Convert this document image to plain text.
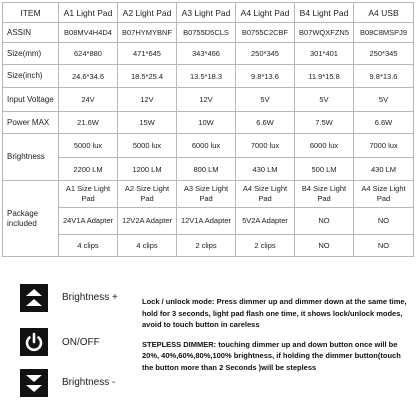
ITEM	A1 Light Pad	A2 Light Pad	A3 Light Pad	A4 Light Pad	B4 Light Pad	A4 USB
ASSIN	B08MV4H4D4	B07HYMYBNF	B0755D5CLS	B0755C2CBF	B07WQXFZN5	B08C8MSPJ9
Size(mm)	624*880	471*645	343*466	250*345	301*401	250*345
Size(inch)	24.6*34.6	18.5*25.4	13.5*18.3	9.8*13.6	11.9*15.8	9.8*13.6
Input Voltage	24V	12V	12V	5V	5V	5V
Power MAX	21.6W	15W	10W	6.6W	7.5W	6.6W
Brightness	5000 lux	5000 lux	6000 lux	7000 lux	6000 lux	7000 lux
	2200 LM	1200 LM	800 LM	430 LM	500 LM	430 LM
Package included	A1 Size Light Pad	A2 Size Light Pad	A3 Size Light Pad	A4 Size Light Pad	B4 Size Light Pad	A4 Size Light Pad
	24V1A Adapter	12V2A Adapter	12V1A Adapter	5V2A Adapter	NO	NO
	4 clips	4 clips	2 clips	2 clips	NO	NO
Brightness +
ON/OFF
Brightness -

Lock / unlock mode: Press dimmer up and dimmer down at the same time, hold for 3 seconds, light pad flash one time, it shows lock/unlock modes, avoid to touch button in careless

STEPLESS DIMMER: touching dimmer up and down button once will be 20%, 40%,60%,80%,100% brightness, if holding the dimmer button(touch the button more than 2 Seconds )will be stepless
